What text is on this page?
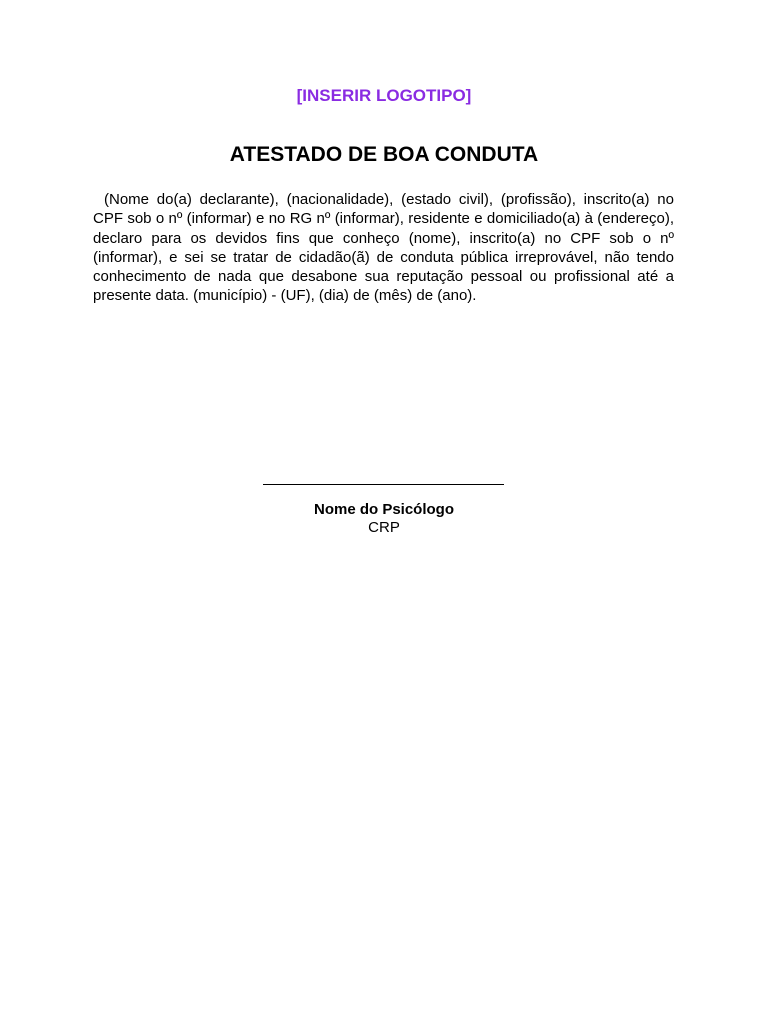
[INSERIR LOGOTIPO]
ATESTADO DE BOA CONDUTA

(Nome do(a) declarante), (nacionalidade), (estado civil), (profissão), inscrito(a) no CPF sob o nº (informar) e no RG nº (informar), residente e domiciliado(a) à (endereço), declaro para os devidos fins que conheço (nome), inscrito(a) no CPF sob o nº (informar), e sei se tratar de cidadão(ã) de conduta pública irreprovável, não tendo conhecimento de nada que desabone sua reputação pessoal ou profissional até a presente data. (município) - (UF), (dia) de (mês) de (ano).

Nome do Psicólogo
CRP
